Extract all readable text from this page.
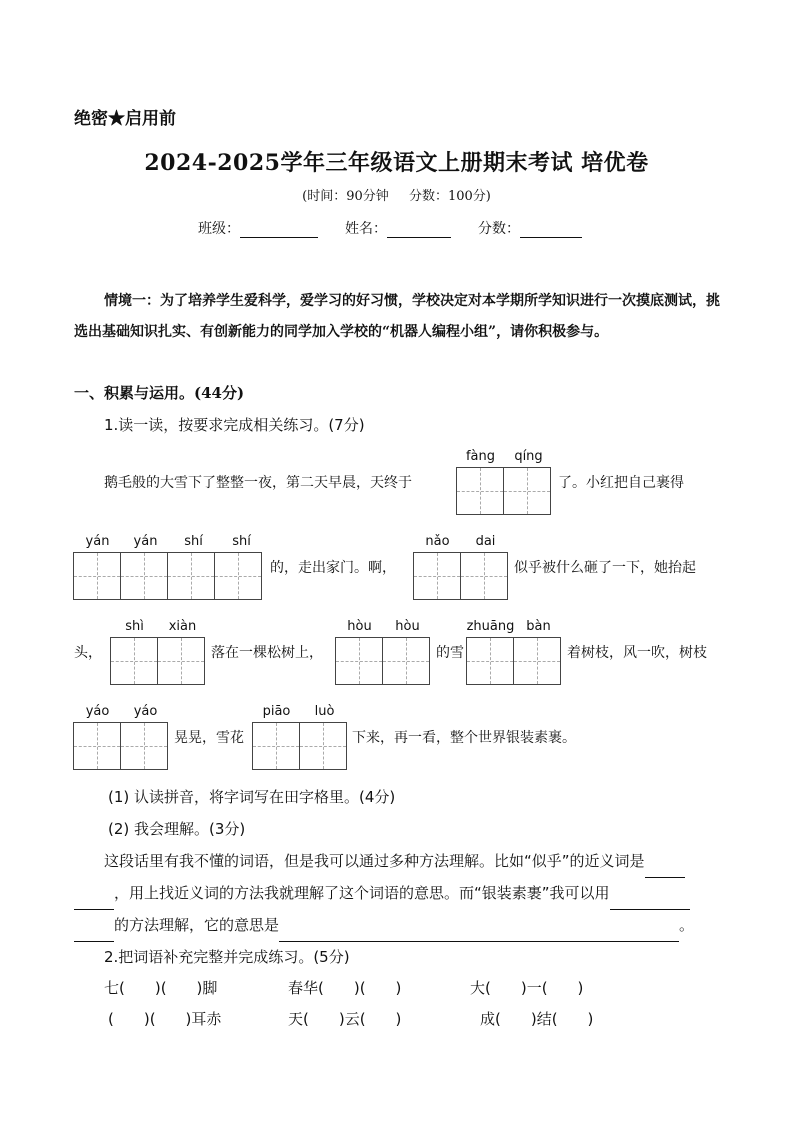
绝密★启用前
2024-2025学年三年级语文上册期末考试 培优卷
(时间：90分钟 分数：100分)
班级：	姓名：	分数：
情境一：为了培养学生爱科学，爱学习的好习惯，学校决定对本学期所学知识进行一次摸底测试，挑选出基础知识扎实、有创新能力的同学加入学校的“机器人编程小组”，请你积极参与。
一、积累与运用。(44分)
1.读一读，按要求完成相关练习。(7分)
鹅毛般的大雪下了整整一夜，第二天早晨，天终于
fàng	qíng
了。小红把自己裹得
yán	yán	shí	shí
的，走出家门。啊，
nǎo	dai
似乎被什么砸了一下，她抬起
头，
shì	xiàn
落在一棵松树上，
hòu	hòu
的雪
zhuāng bàn
着树枝，风一吹，树枝
yáo	yáo
晃晃，雪花
piāo	luò
下来，再一看，整个世界银装素裹。
(1) 认读拼音，将字词写在田字格里。(4分)
(2) 我会理解。(3分)
这段话里有我不懂的词语，但是我可以通过多种方法理解。比如“似乎”的近义词是  ，用上找近义词的方法我就理解了这个词语的意思。而“银装素裹”我可以用  的方法理解，它的意思是	。
2.把词语补充完整并完成练习。(5分)
七(　　)(　　)脚	春华(　　)(　　)	大(　　)一(　　)
(　　)(　　)耳赤	天(　　)云(　　)	成(　　)结(　　)
